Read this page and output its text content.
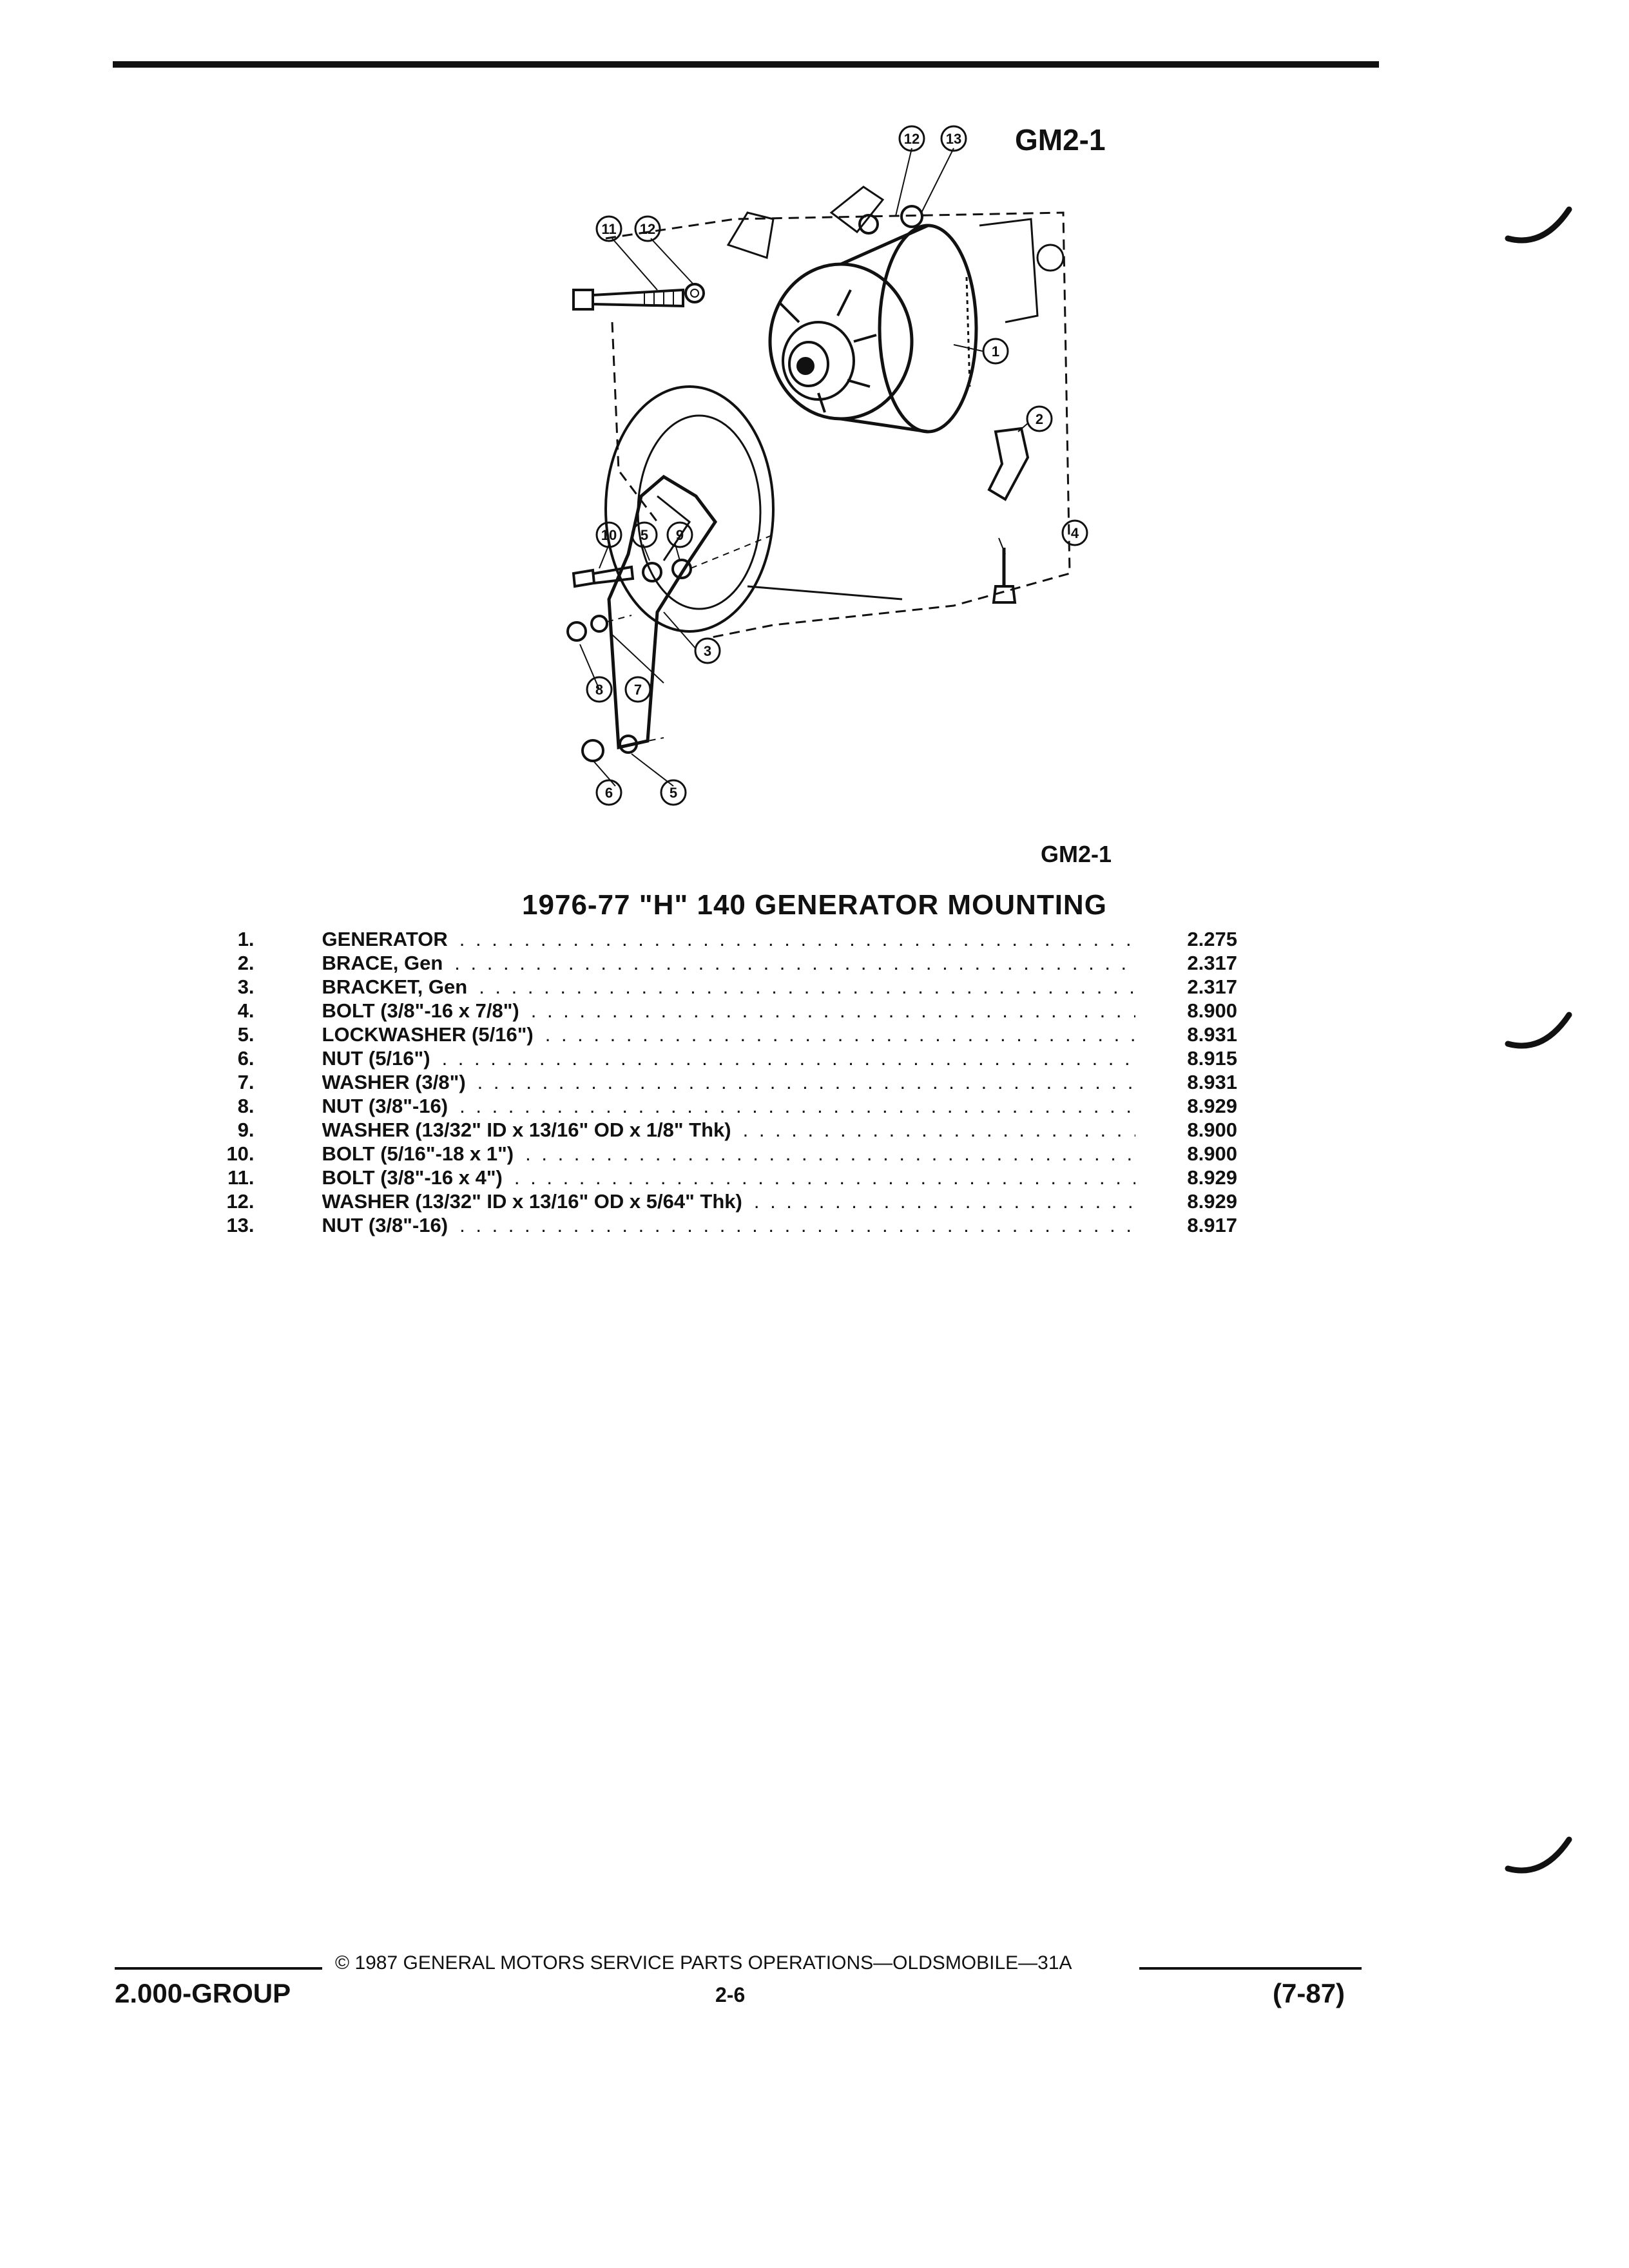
GM2-1
12 13
11 12
1
2
4
3
10 5 9
8 7
6	5
GM2-1
1976-77 "H" 140 GENERATOR MOUNTING
1.	GENERATOR . . .	2.275
2.	BRACE, Gen . . .	2.317
3.	BRACKET, Gen . . .	2.317
4.	BOLT (3/8"-16 x 7/8") . . .	8.900
5.	LOCKWASHER (5/16") . . .	8.931
6.	NUT (5/16") . . .	8.915
7.	WASHER (3/8") . . .	8.931
8.	NUT (3/8"-16) . . .	8.929
9.	WASHER (13/32" ID x 13/16" OD x 1/8" Thk) . . .	8.900
10.	BOLT (5/16"-18 x 1") . . .	8.900
11.	BOLT (3/8"-16 x 4") . . .	8.929
12.	WASHER (13/32" ID x 13/16" OD x 5/64" Thk) . . .	8.929
13.	NUT (3/8"-16) . . .	8.917
© 1987 GENERAL MOTORS SERVICE PARTS OPERATIONS—OLDSMOBILE—31A
2.000-GROUP	2-6	(7-87)
